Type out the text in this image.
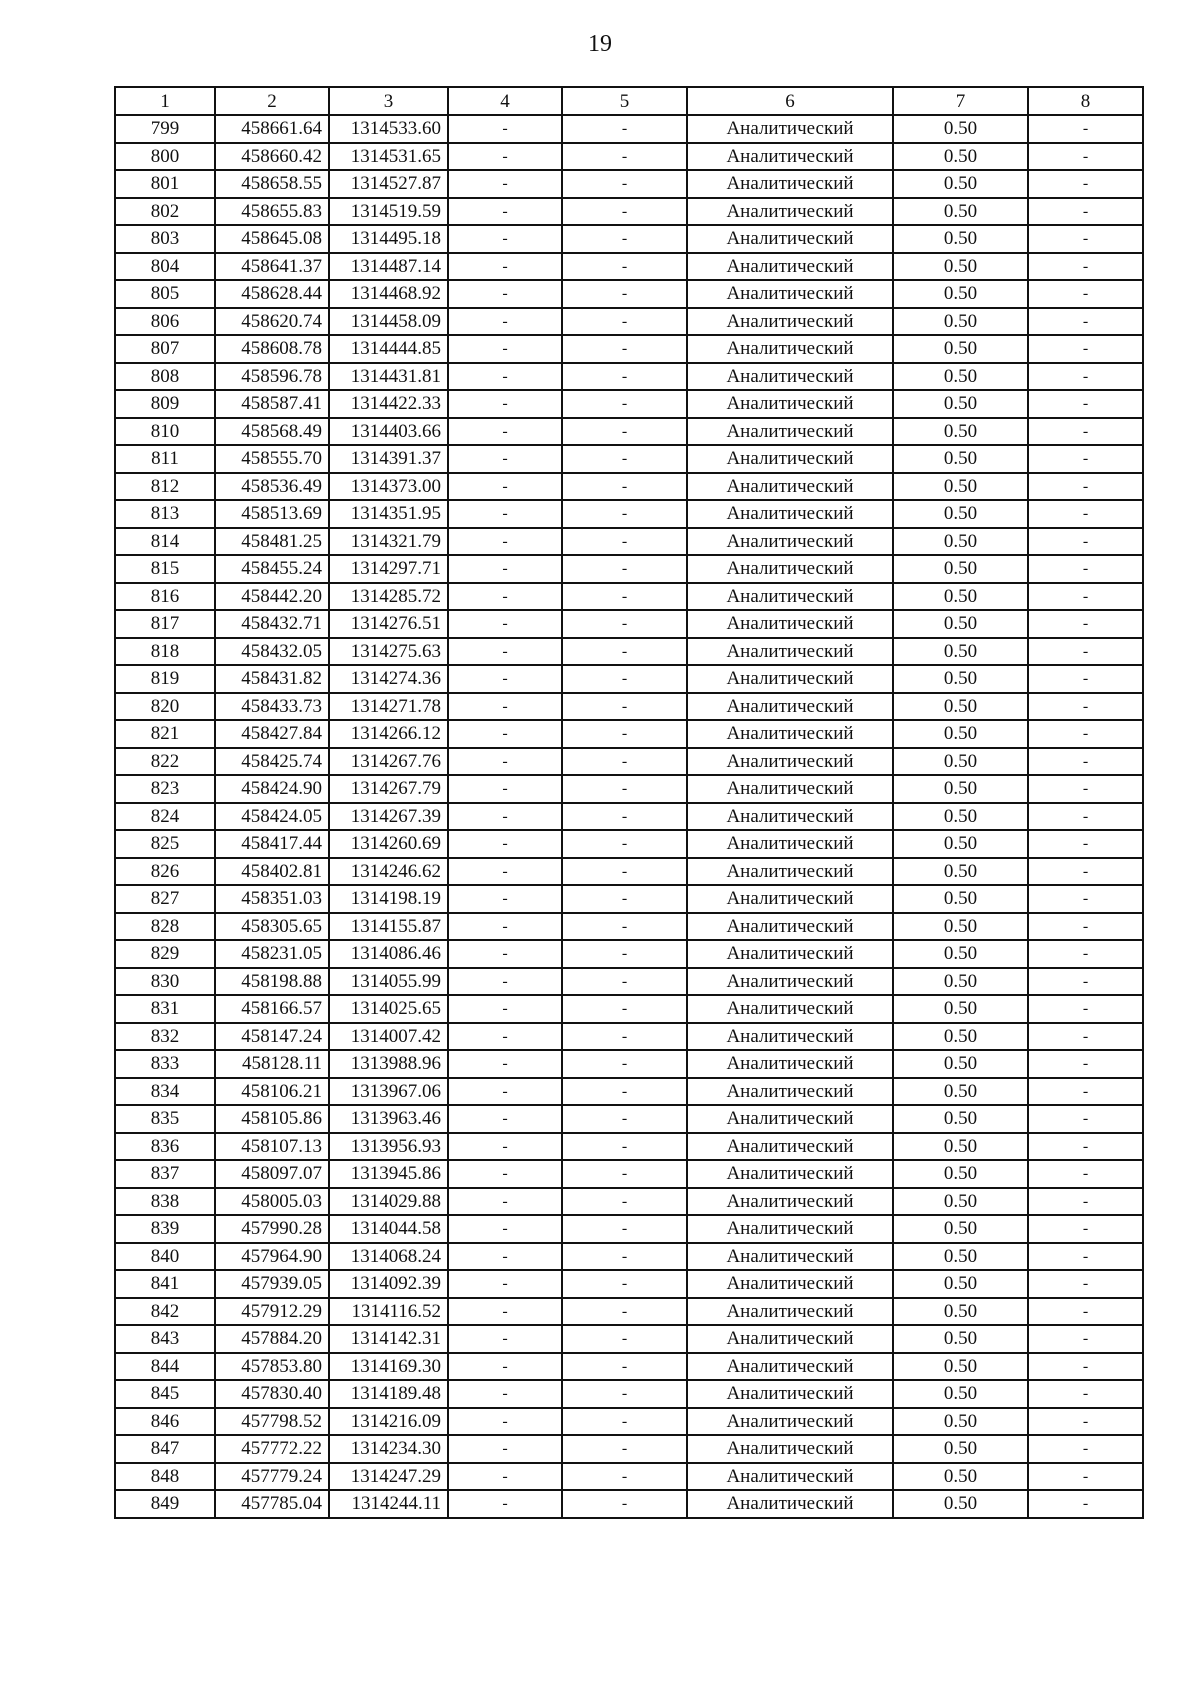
19
1	2	3	4	5	6	7	8
799	458661.64	1314533.60	-	-	Аналитический	0.50	-
800	458660.42	1314531.65	-	-	Аналитический	0.50	-
801	458658.55	1314527.87	-	-	Аналитический	0.50	-
802	458655.83	1314519.59	-	-	Аналитический	0.50	-
803	458645.08	1314495.18	-	-	Аналитический	0.50	-
804	458641.37	1314487.14	-	-	Аналитический	0.50	-
805	458628.44	1314468.92	-	-	Аналитический	0.50	-
806	458620.74	1314458.09	-	-	Аналитический	0.50	-
807	458608.78	1314444.85	-	-	Аналитический	0.50	-
808	458596.78	1314431.81	-	-	Аналитический	0.50	-
809	458587.41	1314422.33	-	-	Аналитический	0.50	-
810	458568.49	1314403.66	-	-	Аналитический	0.50	-
811	458555.70	1314391.37	-	-	Аналитический	0.50	-
812	458536.49	1314373.00	-	-	Аналитический	0.50	-
813	458513.69	1314351.95	-	-	Аналитический	0.50	-
814	458481.25	1314321.79	-	-	Аналитический	0.50	-
815	458455.24	1314297.71	-	-	Аналитический	0.50	-
816	458442.20	1314285.72	-	-	Аналитический	0.50	-
817	458432.71	1314276.51	-	-	Аналитический	0.50	-
818	458432.05	1314275.63	-	-	Аналитический	0.50	-
819	458431.82	1314274.36	-	-	Аналитический	0.50	-
820	458433.73	1314271.78	-	-	Аналитический	0.50	-
821	458427.84	1314266.12	-	-	Аналитический	0.50	-
822	458425.74	1314267.76	-	-	Аналитический	0.50	-
823	458424.90	1314267.79	-	-	Аналитический	0.50	-
824	458424.05	1314267.39	-	-	Аналитический	0.50	-
825	458417.44	1314260.69	-	-	Аналитический	0.50	-
826	458402.81	1314246.62	-	-	Аналитический	0.50	-
827	458351.03	1314198.19	-	-	Аналитический	0.50	-
828	458305.65	1314155.87	-	-	Аналитический	0.50	-
829	458231.05	1314086.46	-	-	Аналитический	0.50	-
830	458198.88	1314055.99	-	-	Аналитический	0.50	-
831	458166.57	1314025.65	-	-	Аналитический	0.50	-
832	458147.24	1314007.42	-	-	Аналитический	0.50	-
833	458128.11	1313988.96	-	-	Аналитический	0.50	-
834	458106.21	1313967.06	-	-	Аналитический	0.50	-
835	458105.86	1313963.46	-	-	Аналитический	0.50	-
836	458107.13	1313956.93	-	-	Аналитический	0.50	-
837	458097.07	1313945.86	-	-	Аналитический	0.50	-
838	458005.03	1314029.88	-	-	Аналитический	0.50	-
839	457990.28	1314044.58	-	-	Аналитический	0.50	-
840	457964.90	1314068.24	-	-	Аналитический	0.50	-
841	457939.05	1314092.39	-	-	Аналитический	0.50	-
842	457912.29	1314116.52	-	-	Аналитический	0.50	-
843	457884.20	1314142.31	-	-	Аналитический	0.50	-
844	457853.80	1314169.30	-	-	Аналитический	0.50	-
845	457830.40	1314189.48	-	-	Аналитический	0.50	-
846	457798.52	1314216.09	-	-	Аналитический	0.50	-
847	457772.22	1314234.30	-	-	Аналитический	0.50	-
848	457779.24	1314247.29	-	-	Аналитический	0.50	-
849	457785.04	1314244.11	-	-	Аналитический	0.50	-
